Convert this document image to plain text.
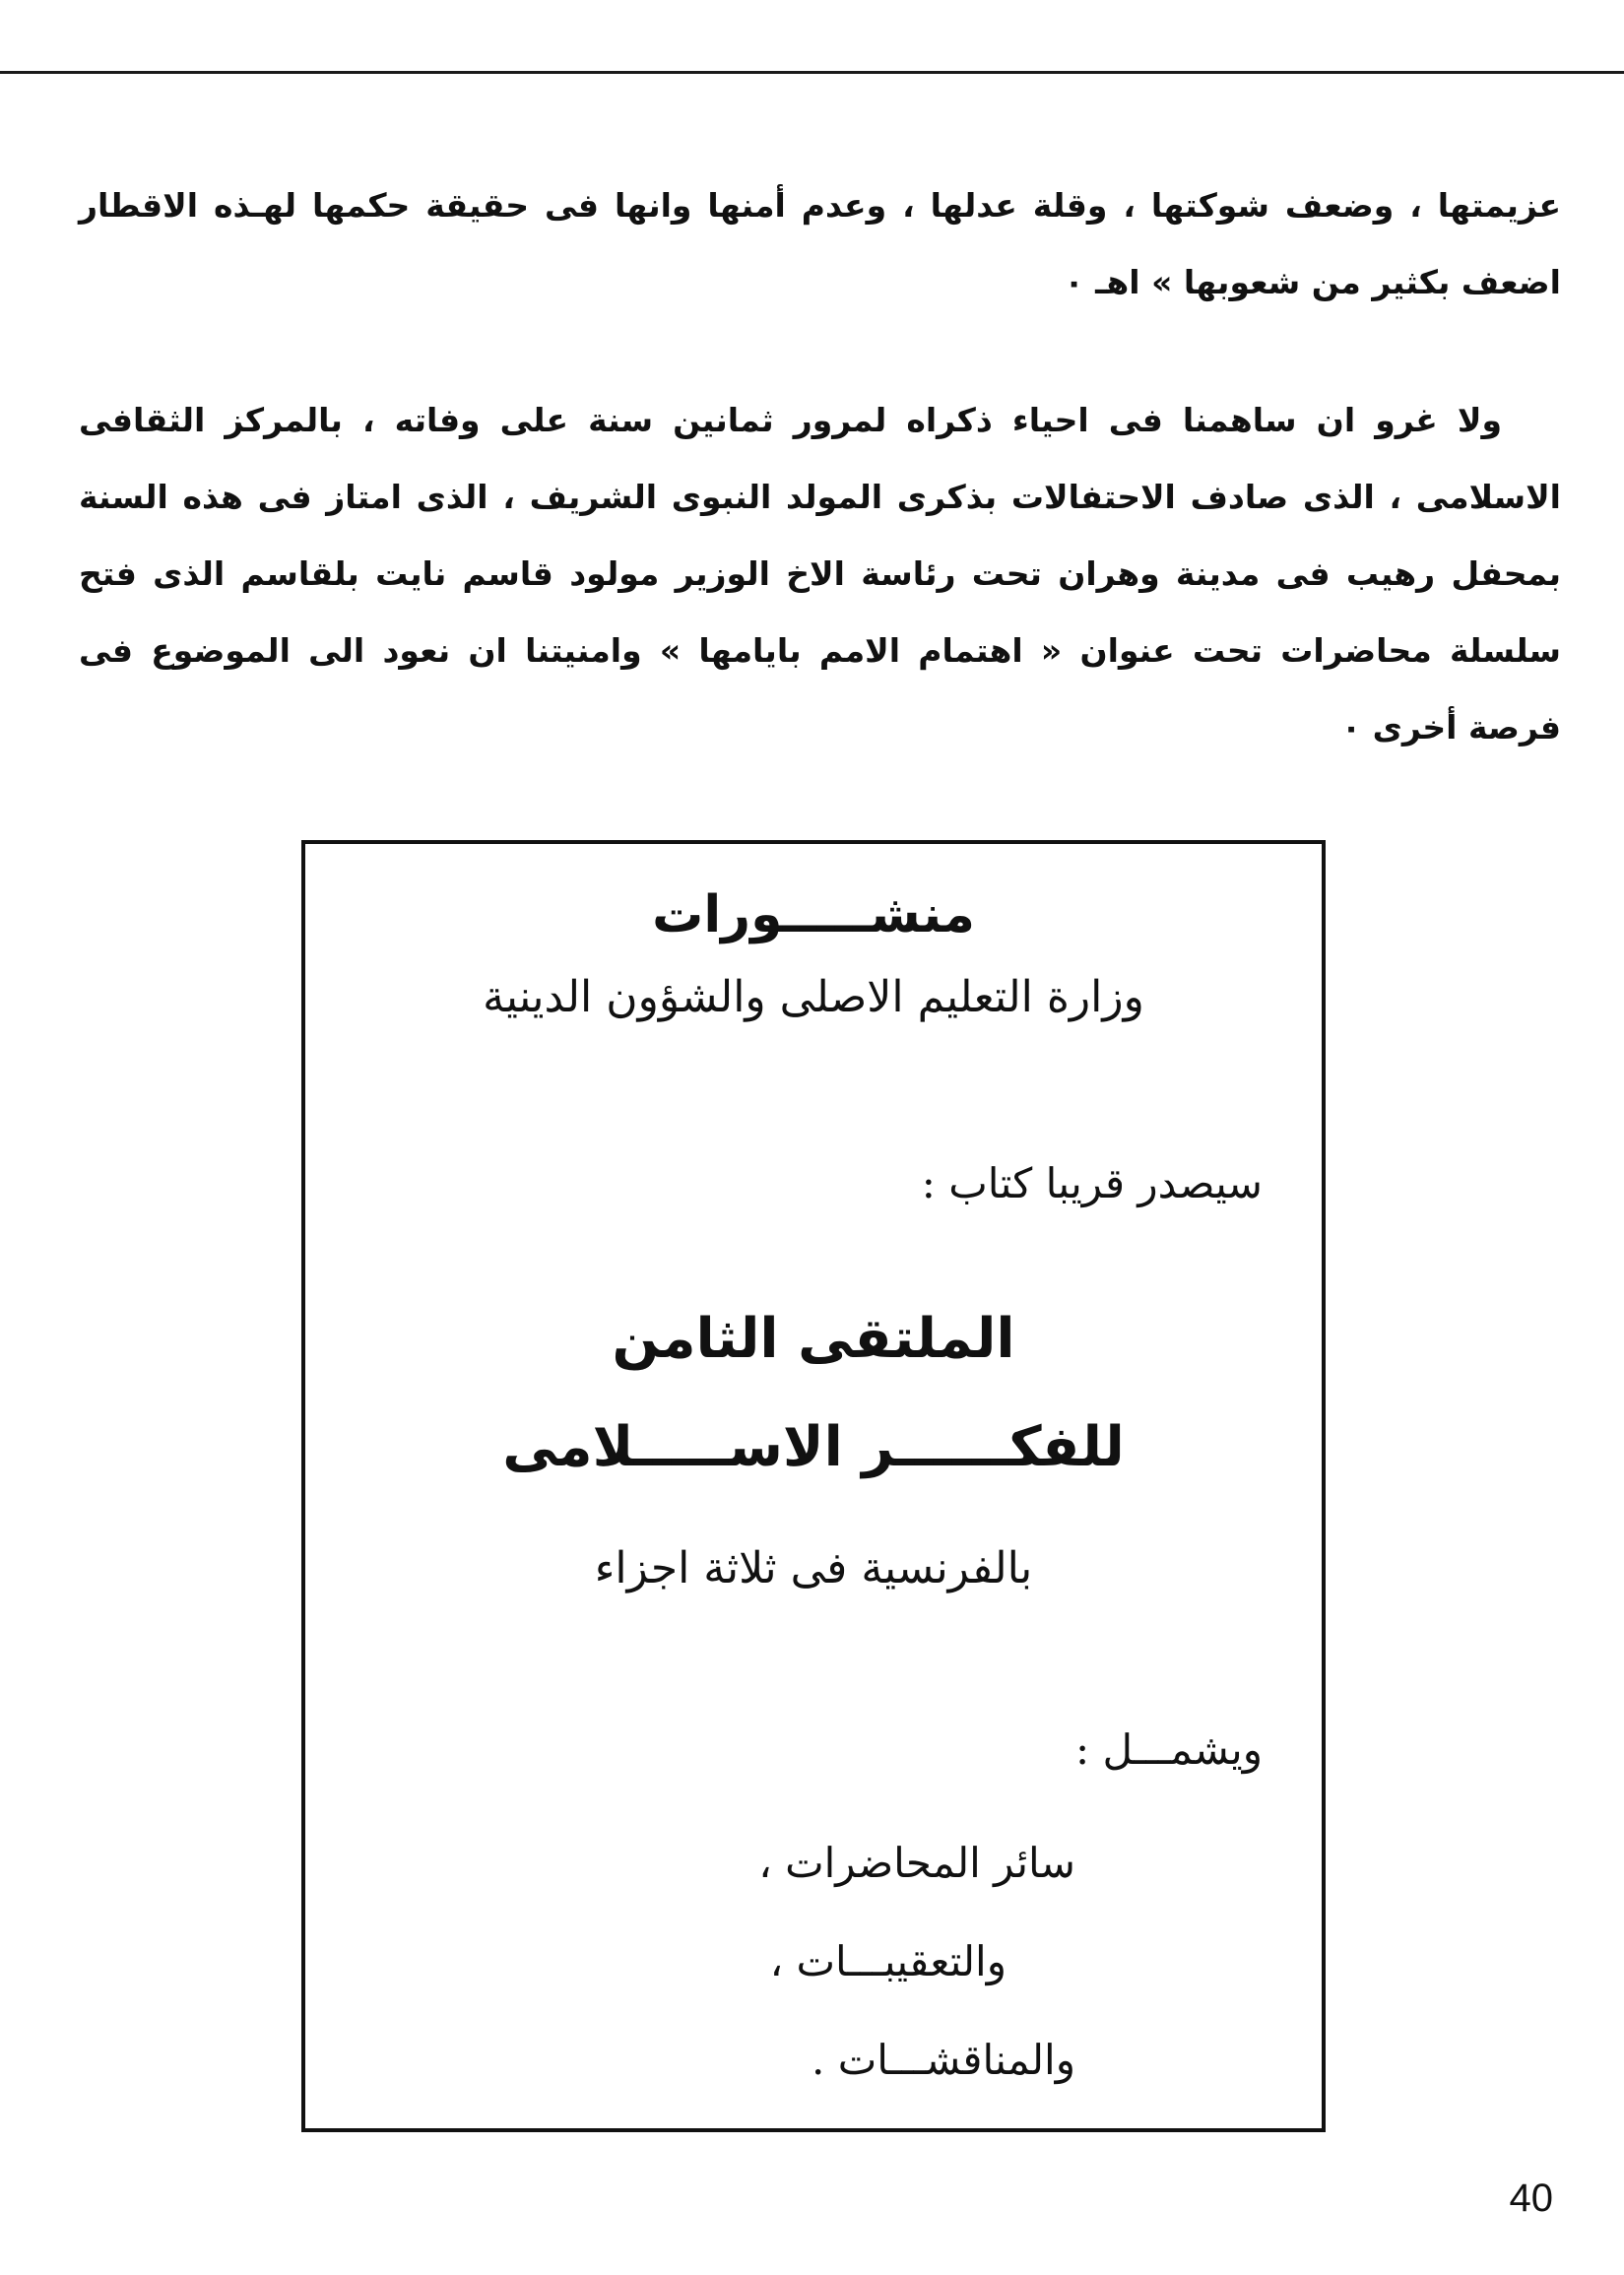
عزيمتها ، وضعف شوكتها ، وقلة عدلها ، وعدم أمنها وانها فى حقيقة حكمها لهـذه الاقطار اضعف بكثير من شعوبها » اهـ ٠

ولا غرو ان ساهمنا فى احياء ذكراه لمرور ثمانين سنة على وفاته ، بالمركز الثقافى الاسلامى ، الذى صادف الاحتفالات بذكرى المولد النبوى الشريف ، الذى امتاز فى هذه السنة بمحفل رهيب فى مدينة وهران تحت رئاسة الاخ الوزير مولود قاسم نايت بلقاسم الذى فتح سلسلة محاضرات تحت عنوان « اهتمام الامم بايامها » وامنيتنا ان نعود الى الموضوع فى فرصة أخرى ٠

منشـــــورات
وزارة التعليم الاصلى والشؤون الدينية
سيصدر قريبا كتاب :
الملتقى الثامن
للفكــــــر الاســـــلامى
بالفرنسية فى ثلاثة اجزاء
ويشمـــل :
سائر المحاضرات ،
والتعقيبـــات ،
والمناقشـــات .
40
